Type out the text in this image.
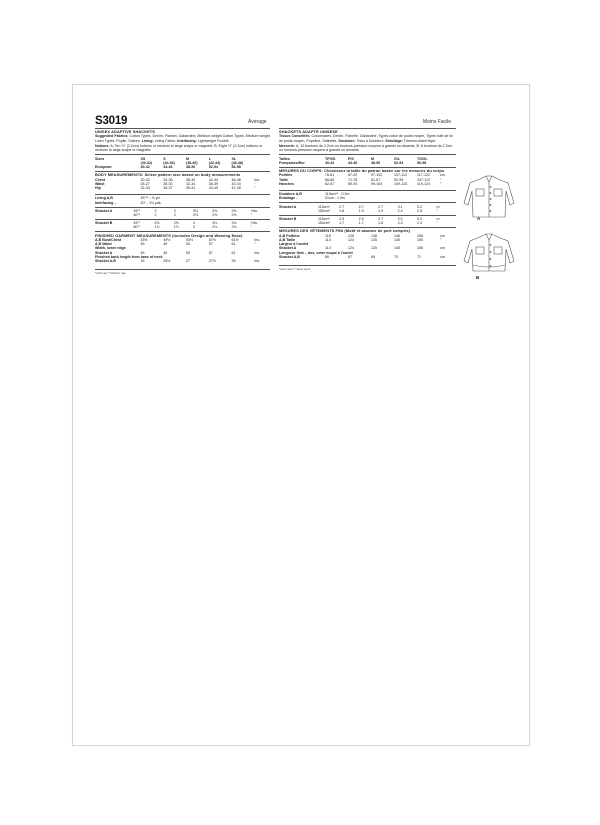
S3019	Average	Moins Facile
UNISEX ADAPTIVE SHACKETS
Suggested Fabrics: Cotton Types, Denim, Flannel, Gabardine, Medium weight Cotton Types, Medium weight Linen Types, Poplin, Sateen. Lining: Lining Fabric. Interfacing: Lightweight Fusible.
Notions: A: Ten ⅞" (2.2cm) buttons or medium to large snaps or magnets. B: Eight ⅞" (2.2cm) buttons or medium to large snaps or magnets.
Sizes	XS	S	M	L	XL	
	(30-32)	(34-36)	(38-40)	(42-44)	(46-48)	
European	40-42	44-46	48-50	52-54	56-58	
BODY MEASUREMENTS: Select pattern size based on body measurements
Chest	30-32	34-36	38-40	42-44	46-48	Ins.
Waist	26-27	28-30	32-34	36-39	42-44	"
Hip	32-34	35-37	39-41	43-45	47-49	"
Lining A,B	45"** - ⅛ yd.
Interfacing –	20" - 1⅛ yds.
Shacket A	45"*	3	3	3⅛	3⅜	3⅜	Yds.
	60"*	2	2	2⅛	2⅜	2⅜	"
Shacket B	45"*	2⅝	2⅝	3	3⅛	3⅛	Yds.
	60"*	1⅞	1⅞	2	2⅛	2⅛	"
FINISHED GARMENT MEASUREMENTS (Includes Design and Wearing Ease)
A,B Bust/Chest	45½	49½	53½	57½	61½	Ins.
A,B Waist	45	49	53	57	61	"
Width, lower edge						
Shacket A	45	49	53	57	61	Ins.
Finished back length from base of neck						
Shacket A,B	26	26½	27	27½	28	Ins.
*with nap **without nap
SHACKETS ADAPTÉ UNISEXE
Tissus Conseillés: Cotonnades, Denim, Flanelle, Gabardine, Types coton de poids moyen, Types toile de lin de poids moyen, Popeline, Satinette. Doublure: Tissu à Doublure. Entoilage: Thermocollant léger.
Mercerie: A: 10 boutons de 2.2cm ou boutons-pression moyens à grands ou aimants. B: 8 boutons de 2.2cm ou boutons-pression moyens à grands ou aimants.
Tailles	TP/XS	P/S	M	G/L	TG/XL	
Françaises/Eur	40-42	44-46	48-50	52-54	56-58	
MESURES DU CORPS: Choisissez la taille du patron basée sur les mesures du corps
Poitrine	76-81	87-92	97-102	107-112	117-122	cm
Taille	66-69	71-76	81-87	92-99	107-112	"
Hanches	82-87	89-94	99-104	109-115	119-124	"
Doublure A,B	115cm** - 0.2m
Entoilage -	51cm - 1.0m
Shacket A	115cm*	2.7	2.7	2.7	3.1	3.2	m
	150cm*	1.8	1.9	1.9	2.4	2.5	"
Shacket B	115cm*	2.5	2.5	2.7	3.0	3.0	m
	150cm*	1.7	1.7	1.8	2.3	2.4	"
MESURES DES VÊTEMENTS FINI (Motif et aisance de port compris)
A,B Poitrine	116	126	136	146	156	cm
A,B Taille	114	124	135	145	155	"
Largeur à l'ourlet						
Shacket A	114	124	135	145	155	cm
Longueur finie – dos, votre nuque à l'ourlet						
Shacket A,B	66	67	69	70	71	cm
*avec sens **sans sens
A
B
